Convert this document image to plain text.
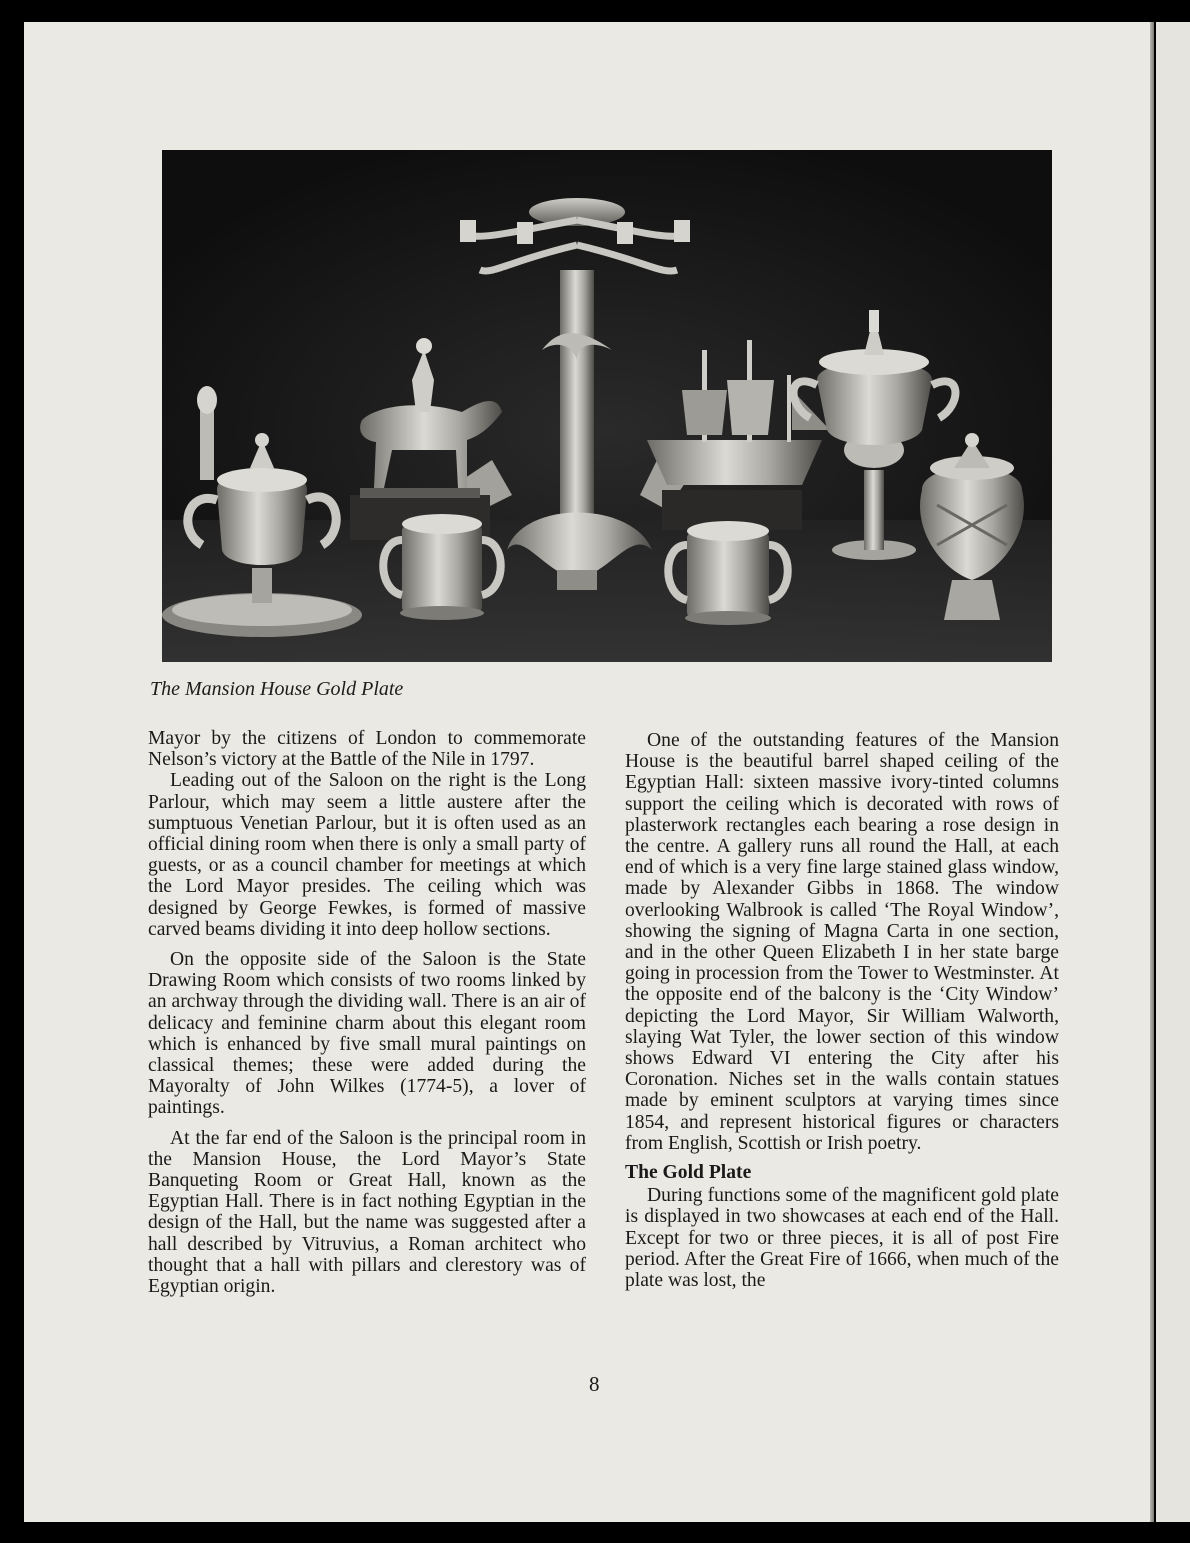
The Mansion House Gold Plate

Mayor by the citizens of London to commemorate Nelson’s victory at the Battle of the Nile in 1797.

Leading out of the Saloon on the right is the Long Parlour, which may seem a little austere after the sumptuous Venetian Parlour, but it is often used as an official dining room when there is only a small party of guests, or as a council chamber for meetings at which the Lord Mayor presides. The ceiling which was designed by George Fewkes, is formed of massive carved beams dividing it into deep hollow sections.

On the opposite side of the Saloon is the State Drawing Room which consists of two rooms linked by an archway through the dividing wall. There is an air of delicacy and feminine charm about this elegant room which is enhanced by five small mural paintings on classical themes; these were added during the Mayoralty of John Wilkes (1774-5), a lover of paintings.

At the far end of the Saloon is the principal room in the Mansion House, the Lord Mayor’s State Banqueting Room or Great Hall, known as the Egyptian Hall. There is in fact nothing Egyptian in the design of the Hall, but the name was suggested after a hall described by Vitruvius, a Roman architect who thought that a hall with pillars and clerestory was of Egyptian origin.

One of the outstanding features of the Mansion House is the beautiful barrel shaped ceiling of the Egyptian Hall: sixteen massive ivory-tinted columns support the ceiling which is decorated with rows of plasterwork rectangles each bearing a rose design in the centre. A gallery runs all round the Hall, at each end of which is a very fine large stained glass window, made by Alexander Gibbs in 1868. The window overlooking Walbrook is called ‘The Royal Window’, showing the signing of Magna Carta in one section, and in the other Queen Elizabeth I in her state barge going in procession from the Tower to Westminster. At the opposite end of the balcony is the ‘City Window’ depicting the Lord Mayor, Sir William Walworth, slaying Wat Tyler, the lower section of this window shows Edward VI entering the City after his Coronation. Niches set in the walls contain statues made by eminent sculptors at varying times since 1854, and represent historical figures or characters from English, Scottish or Irish poetry.

The Gold Plate

During functions some of the magnificent gold plate is displayed in two showcases at each end of the Hall. Except for two or three pieces, it is all of post Fire period. After the Great Fire of 1666, when much of the plate was lost, the

8
